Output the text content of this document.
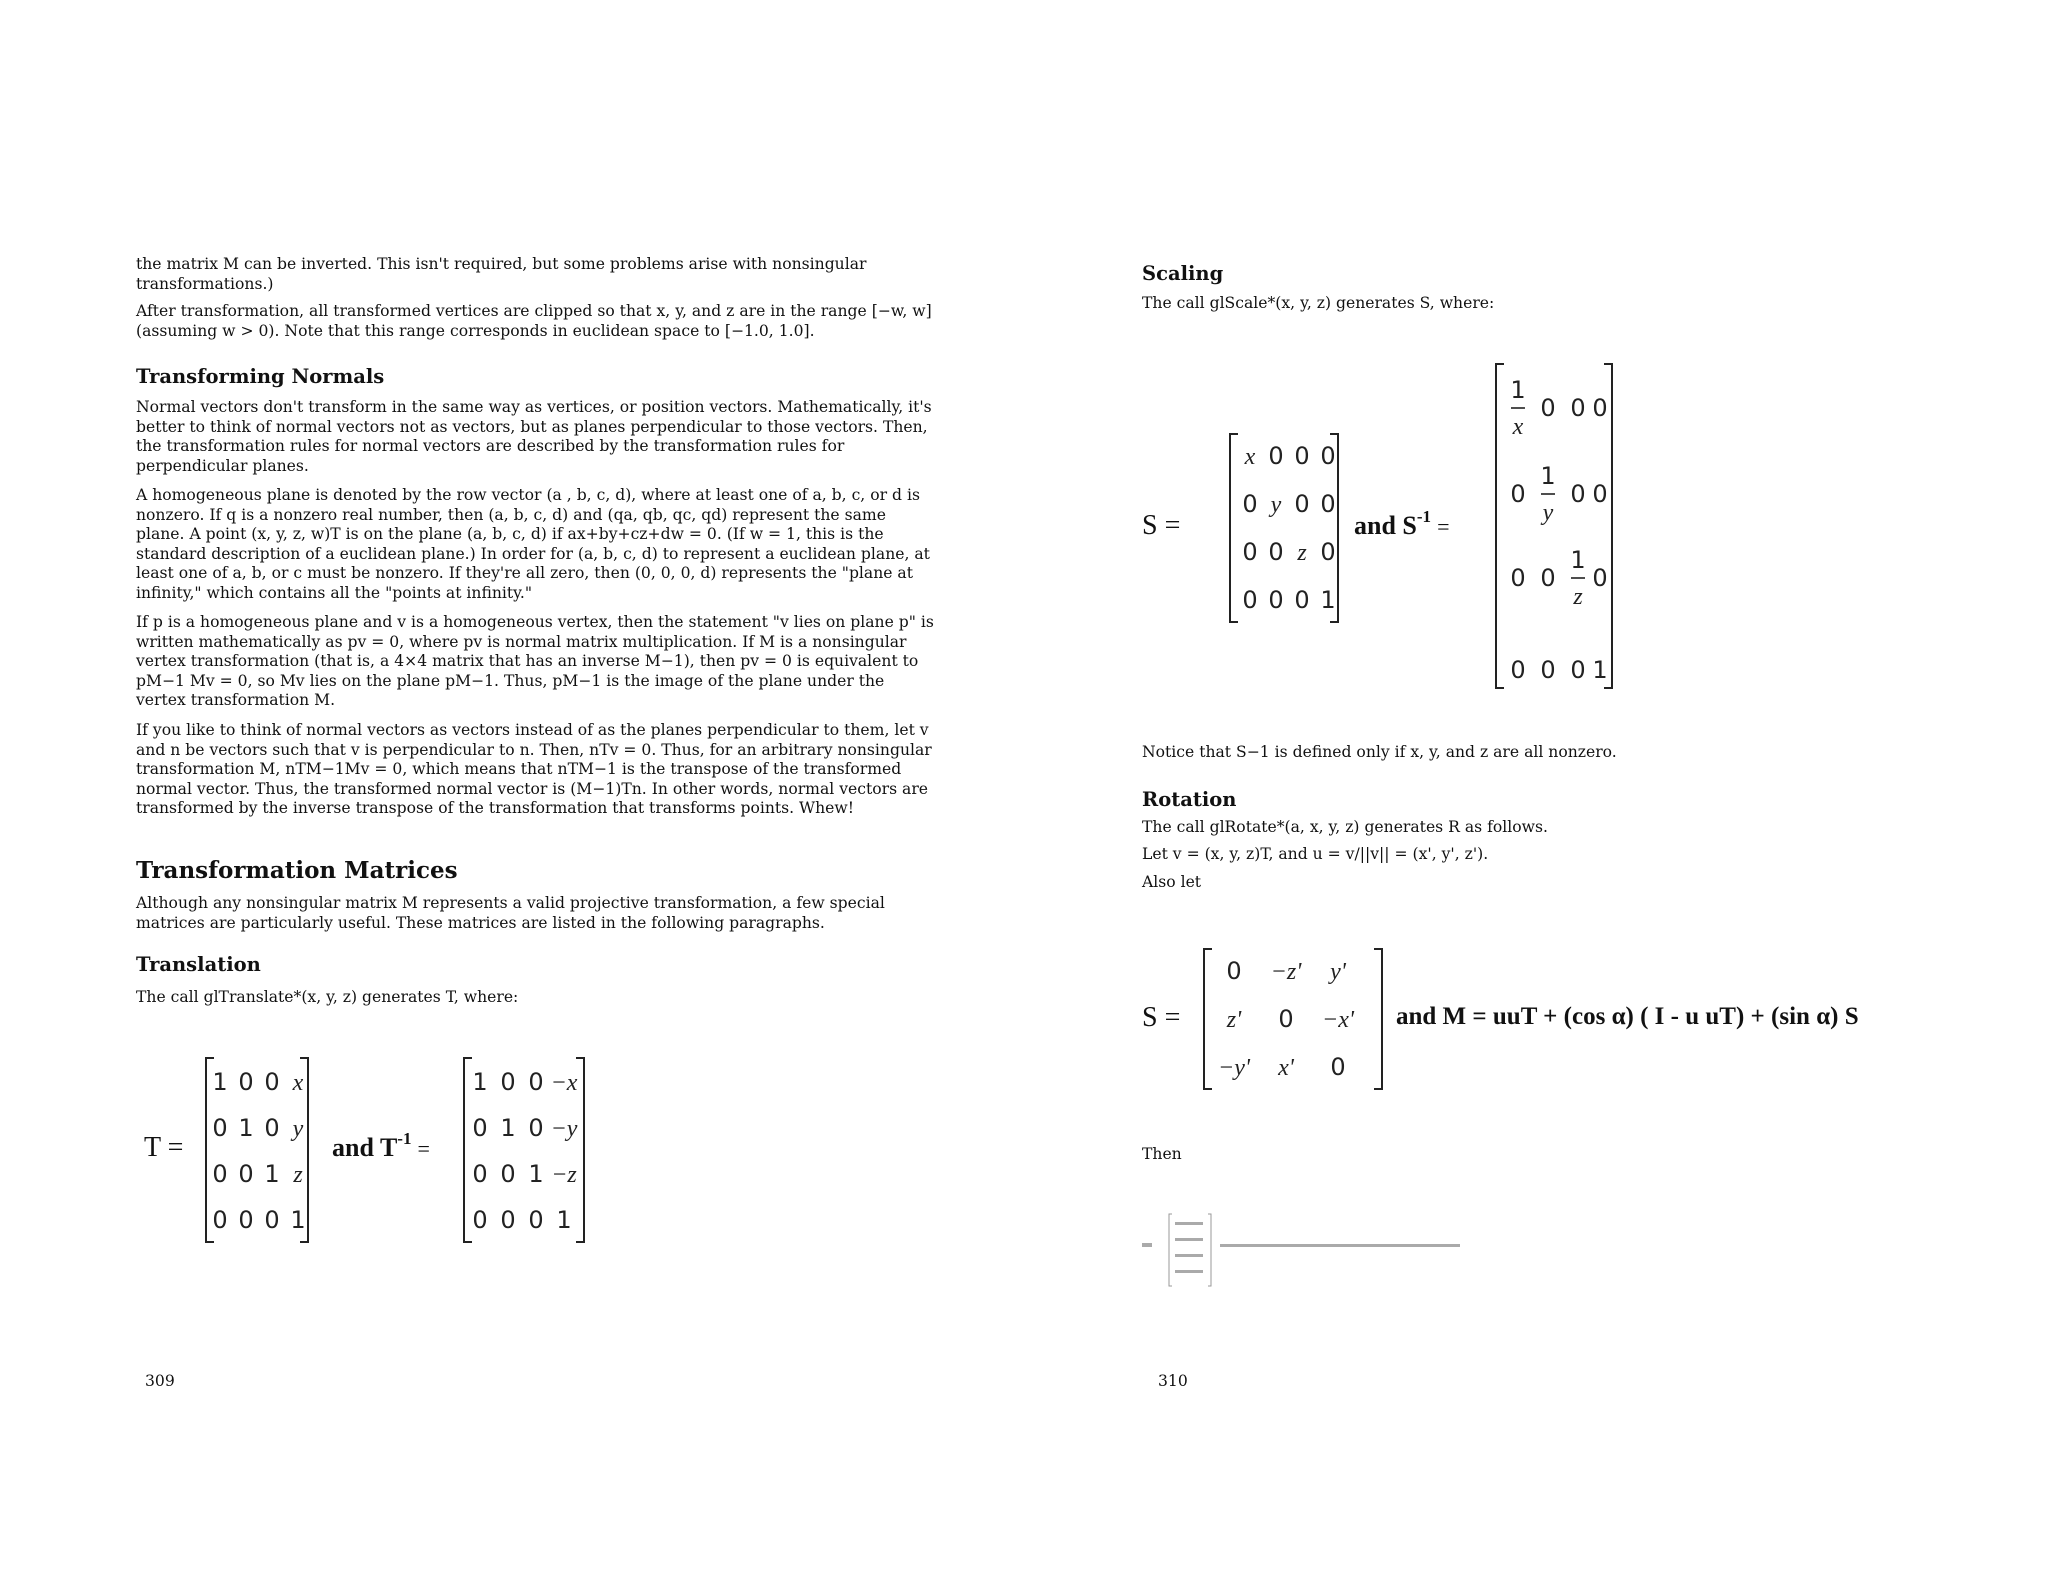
the matrix M can be inverted. This isn't required, but some problems arise with nonsingular transformations.)

After transformation, all transformed vertices are clipped so that x, y, and z are in the range [−w, w] (assuming w > 0). Note that this range corresponds in euclidean space to [−1.0, 1.0].

Transforming Normals

Normal vectors don't transform in the same way as vertices, or position vectors. Mathematically, it's better to think of normal vectors not as vectors, but as planes perpendicular to those vectors. Then, the transformation rules for normal vectors are described by the transformation rules for perpendicular planes.

A homogeneous plane is denoted by the row vector (a , b, c, d), where at least one of a, b, c, or d is nonzero. If q is a nonzero real number, then (a, b, c, d) and (qa, qb, qc, qd) represent the same plane. A point (x, y, z, w)T is on the plane (a, b, c, d) if ax+by+cz+dw = 0. (If w = 1, this is the standard description of a euclidean plane.) In order for (a, b, c, d) to represent a euclidean plane, at least one of a, b, or c must be nonzero. If they're all zero, then (0, 0, 0, d) represents the "plane at infinity," which contains all the "points at infinity."

If p is a homogeneous plane and v is a homogeneous vertex, then the statement "v lies on plane p" is written mathematically as pv = 0, where pv is normal matrix multiplication. If M is a nonsingular vertex transformation (that is, a 4×4 matrix that has an inverse M−1), then pv = 0 is equivalent to pM−1 Mv = 0, so Mv lies on the plane pM−1. Thus, pM−1 is the image of the plane under the vertex transformation M.

If you like to think of normal vectors as vectors instead of as the planes perpendicular to them, let v and n be vectors such that v is perpendicular to n. Then, nTv = 0. Thus, for an arbitrary nonsingular transformation M, nTM−1Mv = 0, which means that nTM−1 is the transpose of the transformed normal vector. Thus, the transformed normal vector is (M−1)Tn. In other words, normal vectors are transformed by the inverse transpose of the transformation that transforms points. Whew!

Transformation Matrices

Although any nonsingular matrix M represents a valid projective transformation, a few special matrices are particularly useful. These matrices are listed in the following paragraphs.

Translation

The call glTranslate*(x, y, z) generates T, where:

T =
1 0 0 x
0 1 0 y
0 0 1 z
0 0 0 1
and $T^{-1}$ $_=$
1 0 0 −x
0 1 0 −y
0 0 1 −z
0 0 0 1
309
Scaling

The call glScale*(x, y, z) generates S, where:

S =
x 0 0 0
0 y 0 0
0 0 z 0
0 0 0 1
and $S^{-1}$ $_=$
1
x
0 0 0
0
1
y
0 0
0 0
1
z
0
0 0 0 1

Notice that S−1 is defined only if x, y, and z are all nonzero.

Rotation

The call glRotate*(a, x, y, z) generates R as follows.

Let v = (x, y, z)T, and u = v/||v|| = (x', y', z').

Also let

S =
0 −z' y'
z' 0 −x'
−y' x' 0
and M = uuT + (cos α) ( I - u uT) + (sin α) S
Then
310
